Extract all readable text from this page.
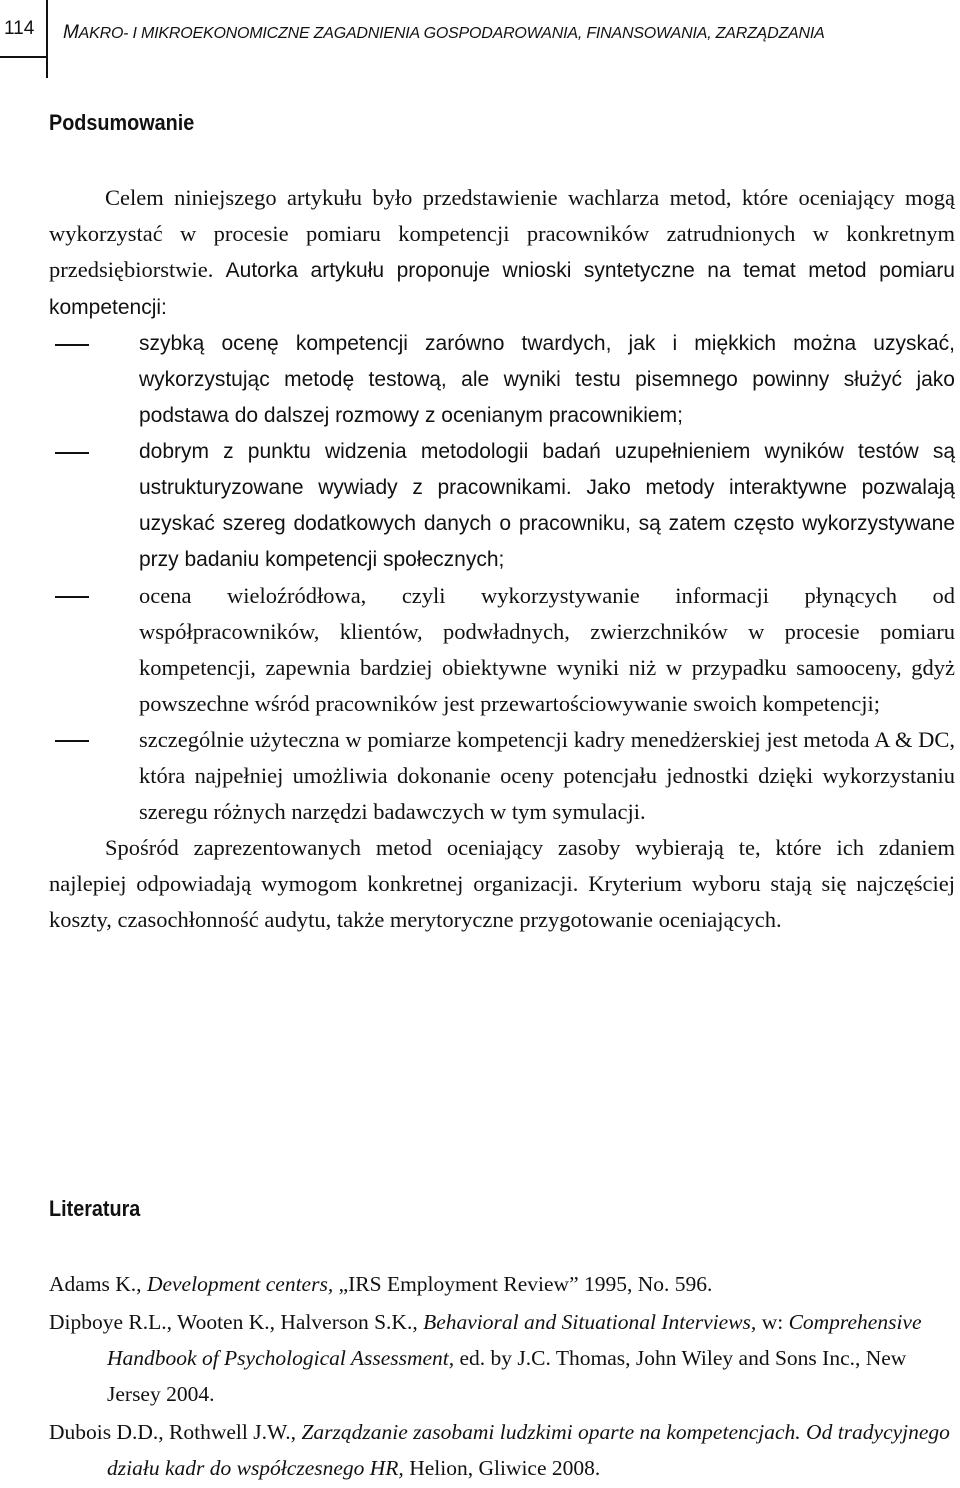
114 MAKRO- I MIKROEKONOMICZNE ZAGADNIENIA GOSPODAROWANIA, FINANSOWANIA, ZARZĄDZANIA
Podsumowanie

Celem niniejszego artykułu było przedstawienie wachlarza metod, które oceniający mogą wykorzystać w procesie pomiaru kompetencji pracowników zatrudnionych w konkretnym przedsiębiorstwie. Autorka artykułu proponuje wnioski syntetyczne na temat metod pomiaru kompetencji:

szybką ocenę kompetencji zarówno twardych, jak i miękkich można uzyskać, wykorzystując metodę testową, ale wyniki testu pisemnego powinny służyć jako podstawa do dalszej rozmowy z ocenianym pracownikiem;
dobrym z punktu widzenia metodologii badań uzupełnieniem wyników testów są ustrukturyzowane wywiady z pracownikami. Jako metody interaktywne pozwalają uzyskać szereg dodatkowych danych o pracowniku, są zatem często wykorzystywane przy badaniu kompetencji społecznych;
ocena wieloźródłowa, czyli wykorzystywanie informacji płynących od współpracowników, klientów, podwładnych, zwierzchników w procesie pomiaru kompetencji, zapewnia bardziej obiektywne wyniki niż w przypadku samooceny, gdyż powszechne wśród pracowników jest przewartościowywanie swoich kompetencji;
szczególnie użyteczna w pomiarze kompetencji kadry menedżerskiej jest metoda A & DC, która najpełniej umożliwia dokonanie oceny potencjału jednostki dzięki wykorzystaniu szeregu różnych narzędzi badawczych w tym symulacji.

Spośród zaprezentowanych metod oceniający zasoby wybierają te, które ich zdaniem najlepiej odpowiadają wymogom konkretnej organizacji. Kryterium wyboru stają się najczęściej koszty, czasochłonność audytu, także merytoryczne przygotowanie oceniających.

Literatura

Adams K., Development centers, „IRS Employment Review” 1995, No. 596.

Dipboye R.L., Wooten K., Halverson S.K., Behavioral and Situational Interviews, w: Comprehensive Handbook of Psychological Assessment, ed. by J.C. Thomas, John Wiley and Sons Inc., New Jersey 2004.

Dubois D.D., Rothwell J.W., Zarządzanie zasobami ludzkimi oparte na kompetencjach. Od tradycyjnego działu kadr do współczesnego HR, Helion, Gliwice 2008.
